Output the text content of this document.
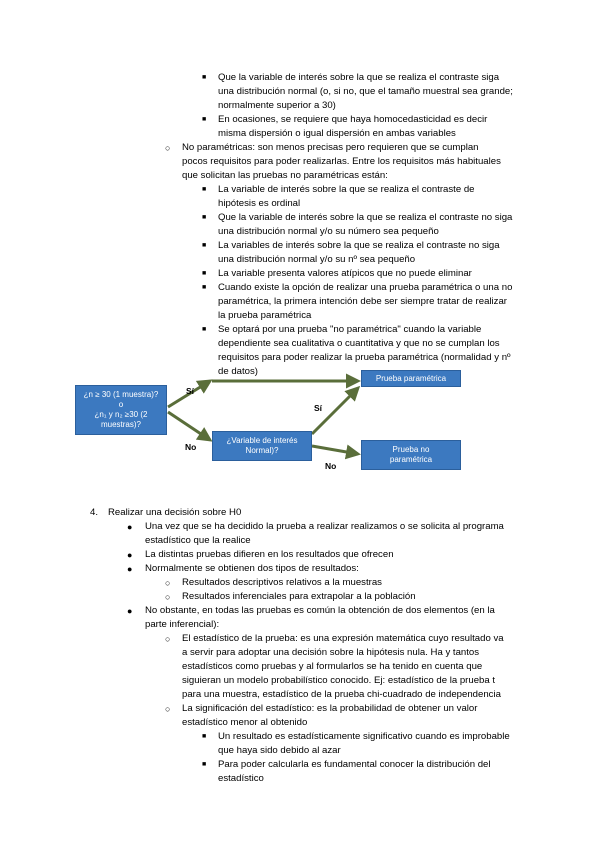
■ Que la variable de interés sobre la que se realiza el contraste siga
una distribución normal (o, si no, que el tamaño muestral sea grande;
normalmente superior a 30)
■ En ocasiones, se requiere que haya homocedasticidad es decir
misma dispersión o igual dispersión en ambas variables
○ No paramétricas: son menos precisas pero requieren que se cumplan
pocos requisitos para poder realizarlas. Entre los requisitos más habituales
que solicitan las pruebas no paramétricas están:
■ La variable de interés sobre la que se realiza el contraste de
hipótesis es ordinal
■ Que la variable de interés sobre la que se realiza el contraste no siga
una distribución normal y/o su número sea pequeño
■ La variables de interés sobre la que se realiza el contraste no siga
una distribución normal y/o su nº sea pequeño
■ La variable presenta valores atípicos que no puede eliminar
■ Cuando existe la opción de realizar una prueba paramétrica o una no
paramétrica, la primera intención debe ser siempre tratar de realizar
la prueba paramétrica
■ Se optará por una prueba "no paramétrica" cuando la variable
dependiente sea cualitativa o cuantitativa y que no se cumplan los
requisitos para poder realizar la prueba paramétrica (normalidad y nº
de datos)
¿n ≥ 30 (1 muestra)?
o
¿n₁ y n₂ ≥30 (2
muestras)?
Prueba paramétrica
¿Variable de interés
Normal)?	Prueba no
paramétrica
Sí
No
Sí
No
4. Realizar una decisión sobre H0
● Una vez que se ha decidido la prueba a realizar realizamos o se solicita al programa
estadístico que la realice
● La distintas pruebas difieren en los resultados que ofrecen
● Normalmente se obtienen dos tipos de resultados:
○ Resultados descriptivos relativos a la muestras
○ Resultados inferenciales para extrapolar a la población
● No obstante, en todas las pruebas es común la obtención de dos elementos (en la
parte inferencial):
○ El estadístico de la prueba: es una expresión matemática cuyo resultado va
a servir para adoptar una decisión sobre la hipótesis nula. Ha y tantos
estadísticos como pruebas y al formularlos se ha tenido en cuenta que
siguieran un modelo probabilístico conocido. Ej: estadístico de la prueba t
para una muestra, estadístico de la prueba chi-cuadrado de independencia
○ La significación del estadístico: es la probabilidad de obtener un valor
estadístico menor al obtenido
■ Un resultado es estadísticamente significativo cuando es improbable
que haya sido debido al azar
■ Para poder calcularla es fundamental conocer la distribución del
estadístico
